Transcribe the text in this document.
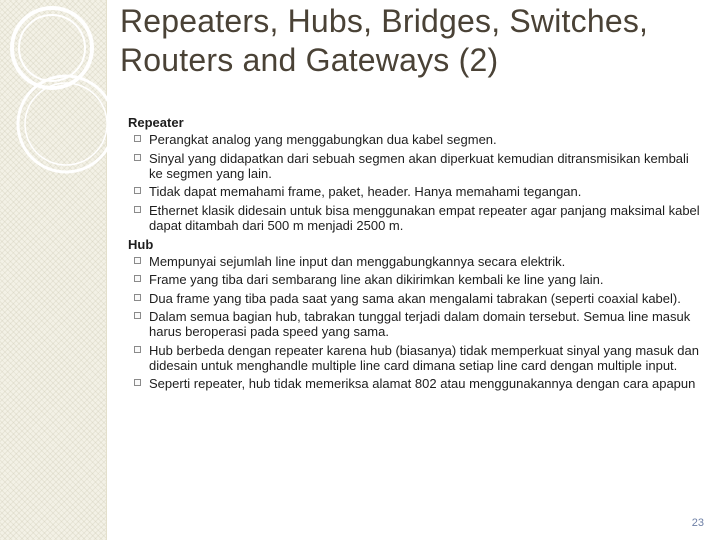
Repeaters, Hubs, Bridges, Switches, Routers and Gateways (2)

Repeater

Perangkat analog yang menggabungkan dua kabel segmen.
Sinyal yang didapatkan dari sebuah segmen akan diperkuat kemudian ditransmisikan kembali ke segmen yang lain.
Tidak dapat memahami frame, paket, header. Hanya memahami tegangan.
Ethernet klasik didesain untuk bisa menggunakan empat repeater agar panjang maksimal kabel dapat ditambah dari 500 m menjadi 2500 m.

Hub

Mempunyai sejumlah line input dan menggabungkannya secara elektrik.
Frame yang tiba dari sembarang line akan dikirimkan kembali ke line yang lain.
Dua frame yang tiba pada saat yang sama akan mengalami tabrakan (seperti coaxial kabel).
Dalam semua bagian hub, tabrakan tunggal terjadi dalam domain tersebut. Semua line masuk harus beroperasi pada speed yang sama.
Hub berbeda dengan repeater karena hub (biasanya) tidak memperkuat sinyal yang masuk dan didesain untuk menghandle multiple line card dimana setiap line card dengan multiple input.
Seperti repeater, hub tidak memeriksa alamat 802 atau menggunakannya dengan cara apapun
23
